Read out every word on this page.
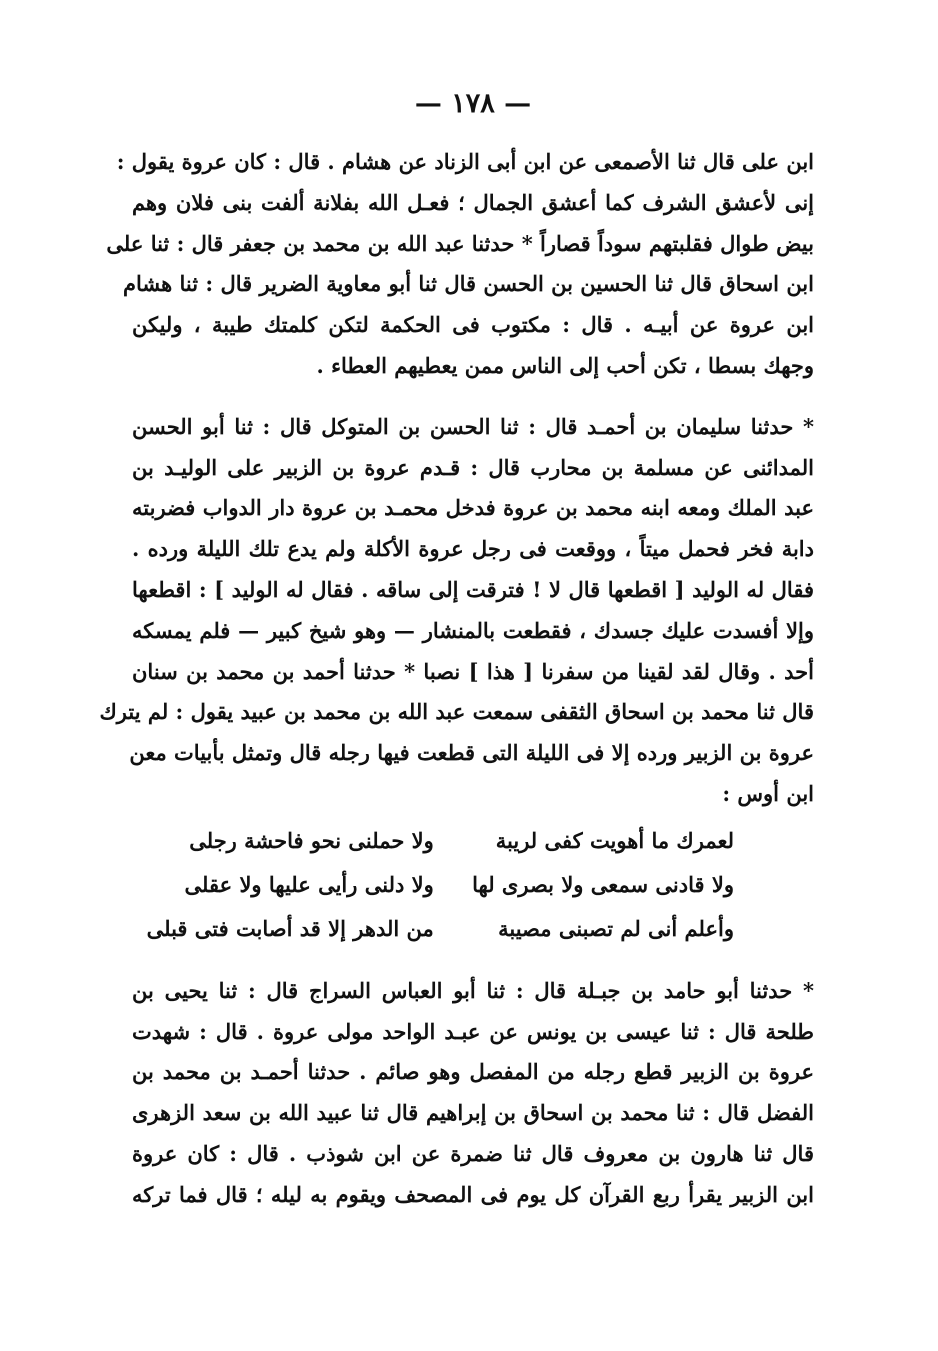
— ١٧٨ —
ابن على قال ثنا الأصمعى عن ابن أبى الزناد عن هشام . قال : كان عروة يقول :
إنى لأعشق الشرف كما أعشق الجمال ؛ فعـل الله بفلانة ألفت بنى فلان وهم
بيض طوال فقلبتهم سوداً قصاراً * حدثنا عبد الله بن محمد بن جعفر قال : ثنا على
ابن اسحاق قال ثنا الحسين بن الحسن قال ثنا أبو معاوية الضرير قال : ثنا هشام
ابن عروة عن أبيـه . قال : مكتوب فى الحكمة لتكن كلمتك طيبة ، وليكن
وجهك بسطا ، تكن أحب إلى الناس ممن يعطيهم العطاء .
* حدثنا سليمان بن أحمـد قال : ثنا الحسن بن المتوكل قال : ثنا أبو الحسن
المدائنى عن مسلمة بن محارب قال : قـدم عروة بن الزبير على الوليـد بن
عبد الملك ومعه ابنه محمد بن عروة فدخل محمـد بن عروة دار الدواب فضربته
دابة فخر فحمل ميتاً ، ووقعت فى رجل عروة الأكلة ولم يدع تلك الليلة ورده .
فقال له الوليد [ اقطعها قال لا ! فترقت إلى ساقه . فقال له الوليد ] : اقطعها
وإلا أفسدت عليك جسدك ، فقطعت بالمنشار — وهو شيخ كبير — فلم يمسكه
أحد . وقال لقد لقينا من سفرنا [ هذا ] نصبا * حدثنا أحمد بن محمد بن سنان
قال ثنا محمد بن اسحاق الثقفى سمعت عبد الله بن محمد بن عبيد يقول : لم يترك
عروة بن الزبير ورده إلا فى الليلة التى قطعت فيها رجله قال وتمثل بأبيات معن
ابن أوس :
لعمرك ما أهويت كفى لريبة
ولا حملنى نحو فاحشة رجلى
ولا قادنى سمعى ولا بصرى لها
ولا دلنى رأيى عليها ولا عقلى
وأعلم أنى لم تصبنى مصيبة
من الدهر إلا قد أصابت فتى قبلى
* حدثنا أبو حامد بن جبـلة قال : ثنا أبو العباس السراج قال : ثنا يحيى بن
طلحة قال : ثنا عيسى بن يونس عن عبـد الواحد مولى عروة . قال : شهدت
عروة بن الزبير قطع رجله من المفصل وهو صائم . حدثنا أحمـد بن محمد بن
الفضل قال : ثنا محمد بن اسحاق بن إبراهيم قال ثنا عبيد الله بن سعد الزهرى
قال ثنا هارون بن معروف قال ثنا ضمرة عن ابن شوذب . قال : كان عروة
ابن الزبير يقرأ ربع القرآن كل يوم فى المصحف ويقوم به ليله ؛ قال فما تركه
